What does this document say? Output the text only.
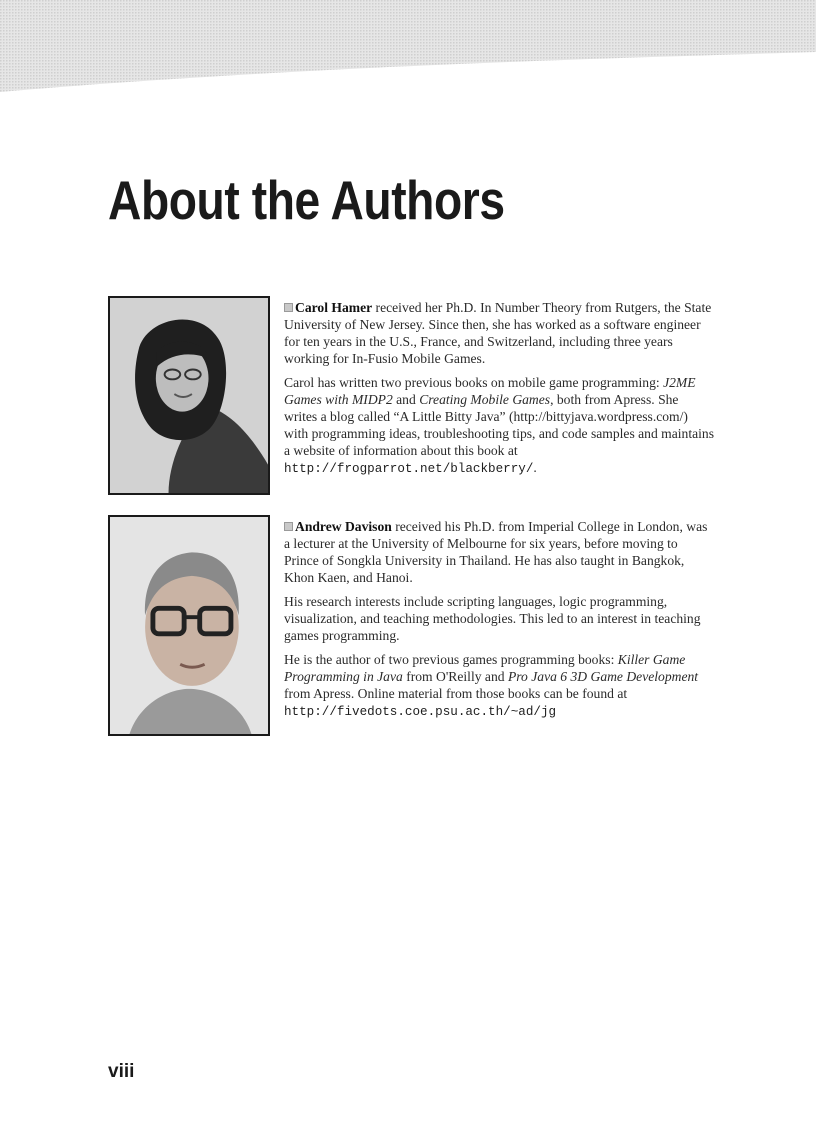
About the Authors

Carol Hamer received her Ph.D. In Number Theory from Rutgers, the State University of New Jersey. Since then, she has worked as a software engineer for ten years in the U.S., France, and Switzerland, including three years working for In-Fusio Mobile Games.

Carol has written two previous books on mobile game programming: J2ME Games with MIDP2 and Creating Mobile Games, both from Apress. She writes a blog called “A Little Bitty Java” (http://bittyjava.wordpress.com/) with programming ideas, troubleshooting tips, and code samples and maintains a website of information about this book at http://frogparrot.net/blackberry/.

Andrew Davison received his Ph.D. from Imperial College in London, was a lecturer at the University of Melbourne for six years, before moving to Prince of Songkla University in Thailand. He has also taught in Bangkok, Khon Kaen, and Hanoi.

His research interests include scripting languages, logic programming, visualization, and teaching methodologies. This led to an interest in teaching games programming.

He is the author of two previous games programming books: Killer Game Programming in Java from O'Reilly and Pro Java 6 3D Game Development from Apress. Online material from those books can be found at http://fivedots.coe.psu.ac.th/~ad/jg

viii
